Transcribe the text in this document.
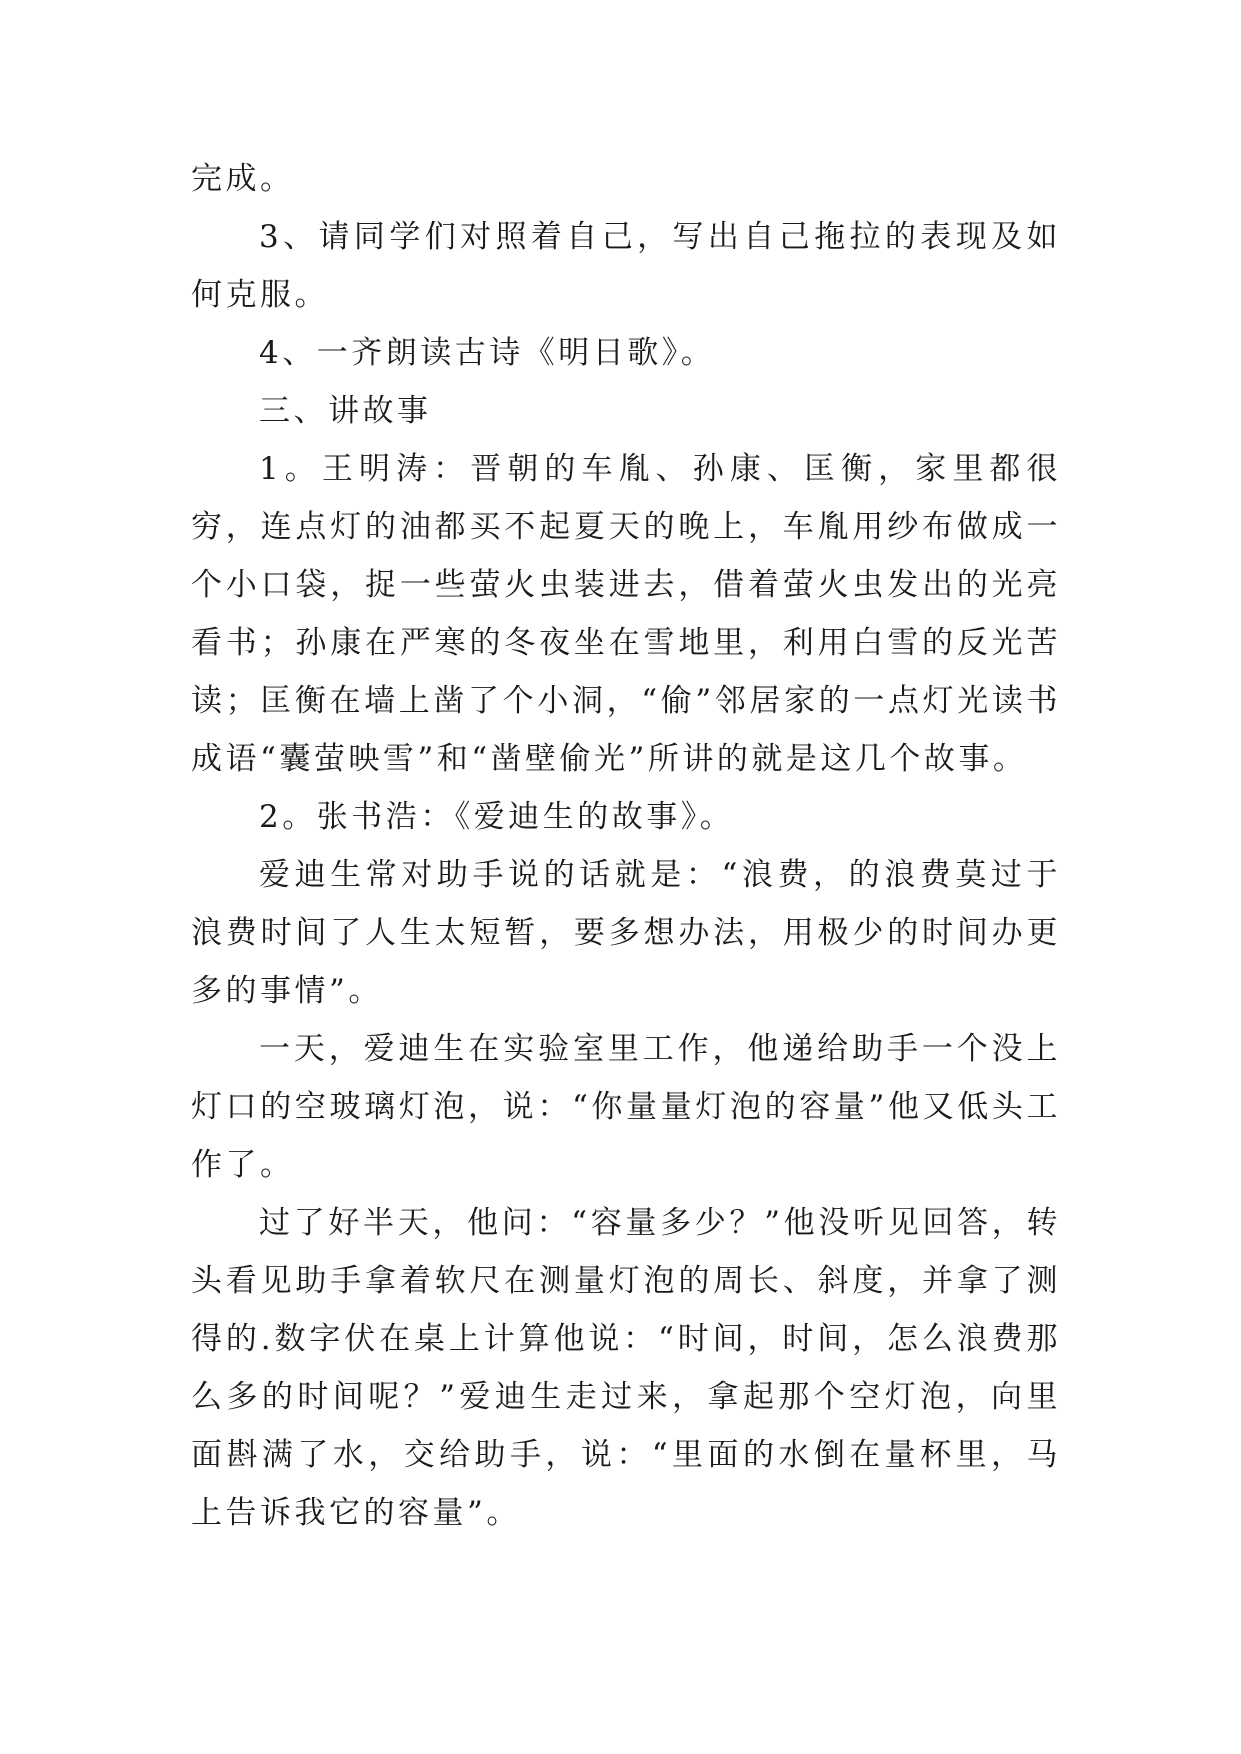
完成。

3、请同学们对照着自己，写出自己拖拉的表现及如何克服。

4、一齐朗读古诗《明日歌》。

三、讲故事

1。王明涛：晋朝的车胤、孙康、匡衡，家里都很穷，连点灯的油都买不起夏天的晚上，车胤用纱布做成一个小口袋，捉一些萤火虫装进去，借着萤火虫发出的光亮看书；孙康在严寒的冬夜坐在雪地里，利用白雪的反光苦读；匡衡在墙上凿了个小洞，“偷”邻居家的一点灯光读书成语“囊萤映雪”和“凿壁偷光”所讲的就是这几个故事。

2。张书浩：《爱迪生的故事》。

爱迪生常对助手说的话就是：“浪费，的浪费莫过于浪费时间了人生太短暂，要多想办法，用极少的时间办更多的事情”。

一天，爱迪生在实验室里工作，他递给助手一个没上灯口的空玻璃灯泡，说：“你量量灯泡的容量”他又低头工作了。

过了好半天，他问：“容量多少？”他没听见回答，转头看见助手拿着软尺在测量灯泡的周长、斜度，并拿了测得的.数字伏在桌上计算他说：“时间，时间，怎么浪费那么多的时间呢？”爱迪生走过来，拿起那个空灯泡，向里面斟满了水，交给助手，说：“里面的水倒在量杯里，马上告诉我它的容量”。
